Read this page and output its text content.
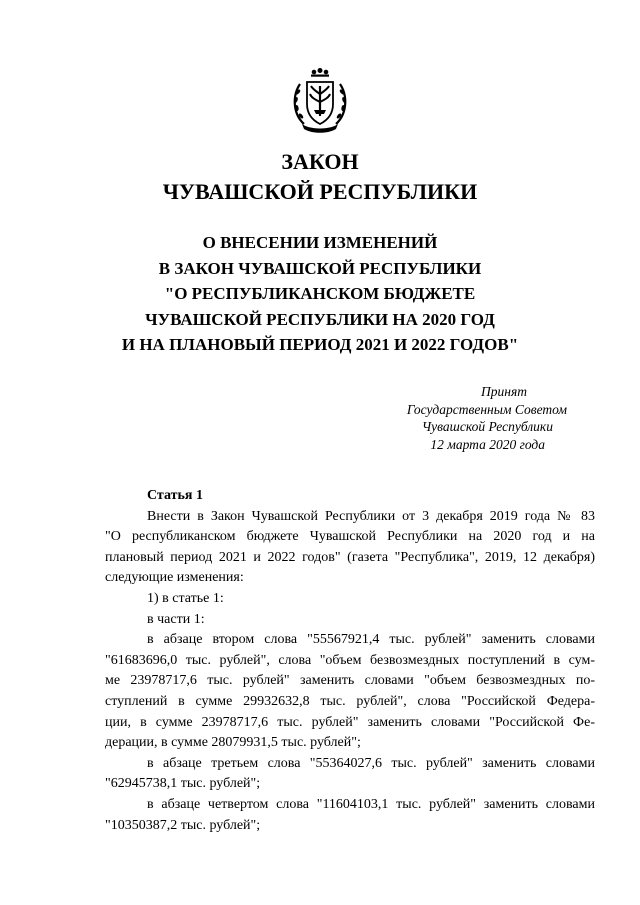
ЗАКОН
ЧУВАШСКОЙ РЕСПУБЛИКИ
О ВНЕСЕНИИ ИЗМЕНЕНИЙ
В ЗАКОН ЧУВАШСКОЙ РЕСПУБЛИКИ
"О РЕСПУБЛИКАНСКОМ БЮДЖЕТЕ
ЧУВАШСКОЙ РЕСПУБЛИКИ НА 2020 ГОД
И НА ПЛАНОВЫЙ ПЕРИОД 2021 И 2022 ГОДОВ"
Принят
Государственным Советом
Чувашской Республики
12 марта 2020 года
Статья 1
Внести в Закон Чувашской Республики от 3 декабря 2019 года № 83
"О республиканском бюджете Чувашской Республики на 2020 год и на
плановый период 2021 и 2022 годов" (газета "Республика", 2019, 12 декабря)
следующие изменения:
1) в статье 1:
в части 1:
в абзаце втором слова "55567921,4 тыс. рублей" заменить словами
"61683696,0 тыс. рублей", слова "объем безвозмездных поступлений в сум-
ме 23978717,6 тыс. рублей" заменить словами "объем безвозмездных по-
ступлений в сумме 29932632,8 тыс. рублей", слова "Российской Федера-
ции, в сумме 23978717,6 тыс. рублей" заменить словами "Российской Фе-
дерации, в сумме 28079931,5 тыс. рублей";
в абзаце третьем слова "55364027,6 тыс. рублей" заменить словами
"62945738,1 тыс. рублей";
в абзаце четвертом слова "11604103,1 тыс. рублей" заменить словами
"10350387,2 тыс. рублей";
